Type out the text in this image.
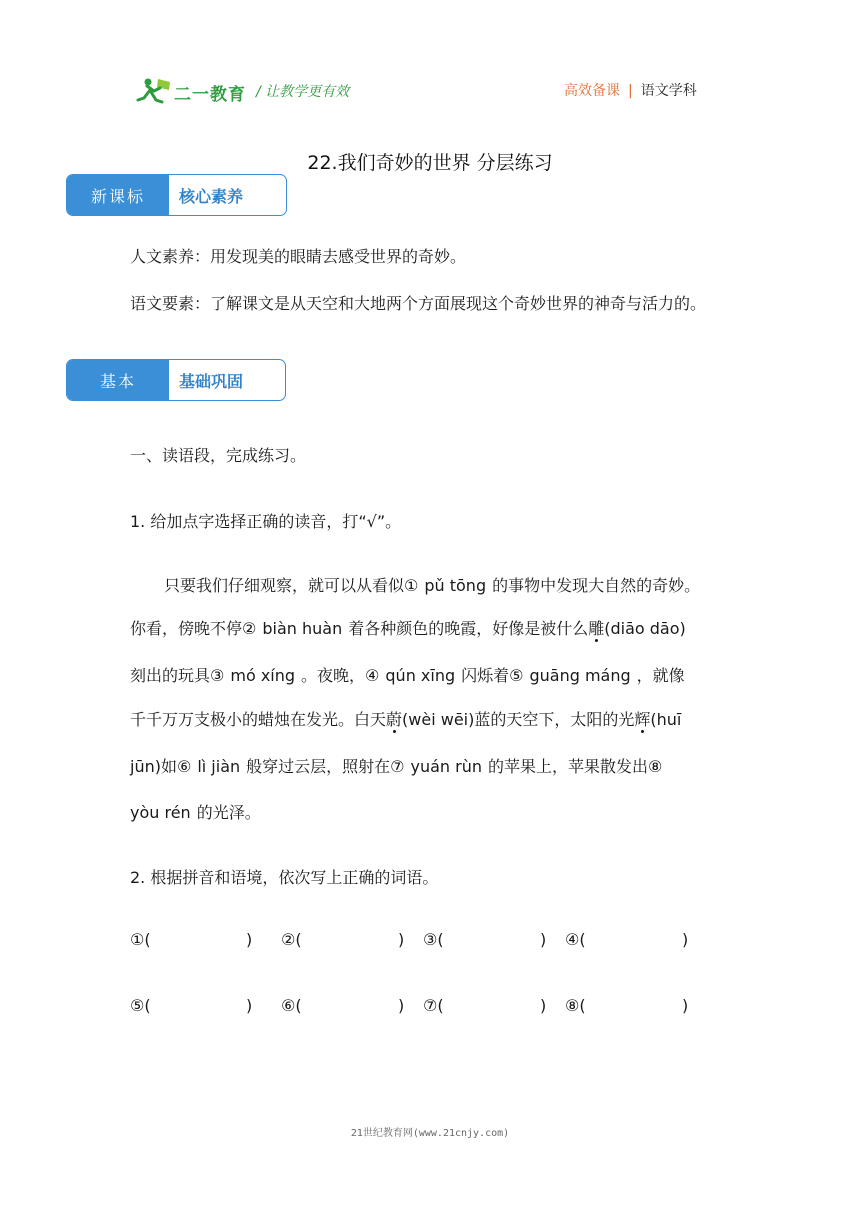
二一教育 / 让教学更有效	高效备课 | 语文学科
22.我们奇妙的世界 分层练习
新课标	核心素养
人文素养：用发现美的眼睛去感受世界的奇妙。
语文要素：了解课文是从天空和大地两个方面展现这个奇妙世界的神奇与活力的。
基本	基础巩固
一、读语段，完成练习。
1. 给加点字选择正确的读音，打“√”。
只要我们仔细观察，就可以从看似① pǔ tōng 的事物中发现大自然的奇妙。
你看，傍晚不停② biàn huàn 着各种颜色的晚霞，好像是被什么雕(diāo dāo)
刻出的玩具③ mó xíng 。夜晚，④ qún xīng 闪烁着⑤ guāng máng ，就像
千千万万支极小的蜡烛在发光。白天蔚(wèi wēi)蓝的天空下，太阳的光辉(huī
jūn)如⑥ lì jiàn 般穿过云层，照射在⑦ yuán rùn 的苹果上，苹果散发出⑧
yòu rén 的光泽。
2. 根据拼音和语境，依次写上正确的词语。
①(	) ②(	) ③(	) ④(	)
⑤(	) ⑥(	) ⑦(	) ⑧(	)
21世纪教育网(www.21cnjy.com)
